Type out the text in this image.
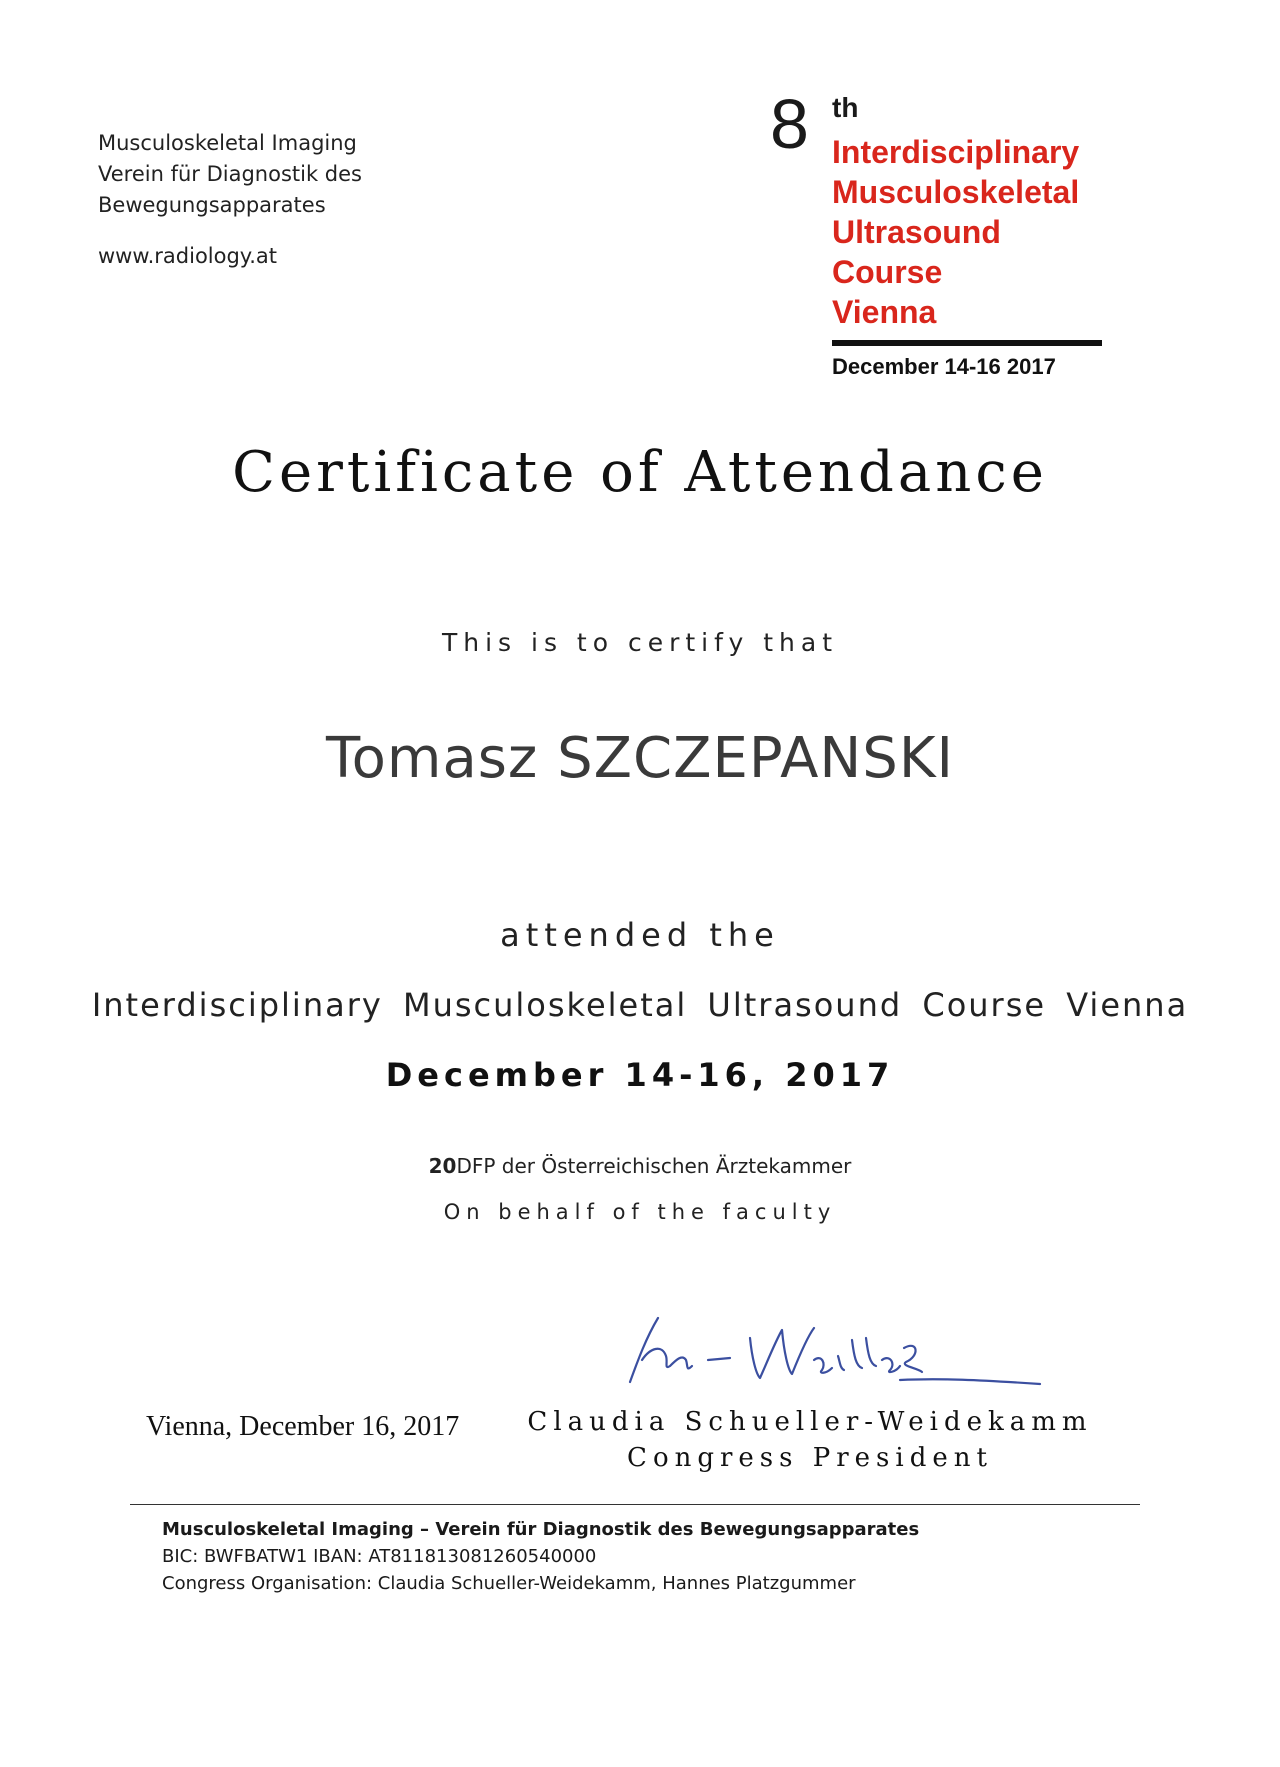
Musculoskeletal Imaging
Verein für Diagnostik des
Bewegungsapparates
www.radiology.at
8 th
Interdisciplinary
Musculoskeletal
Ultrasound
Course
Vienna
December 14-16 2017
Certificate of Attendance
This is to certify that
Tomasz SZCZEPANSKI
attended the
Interdisciplinary Musculoskeletal Ultrasound Course Vienna
December 14-16, 2017
20DFP der Österreichischen Ärztekammer
On behalf of the faculty
Vienna, December 16, 2017	Claudia Schueller-Weidekamm
Congress President
Musculoskeletal Imaging – Verein für Diagnostik des Bewegungsapparates
BIC: BWFBATW1 IBAN: AT811813081260540000
Congress Organisation: Claudia Schueller-Weidekamm, Hannes Platzgummer
